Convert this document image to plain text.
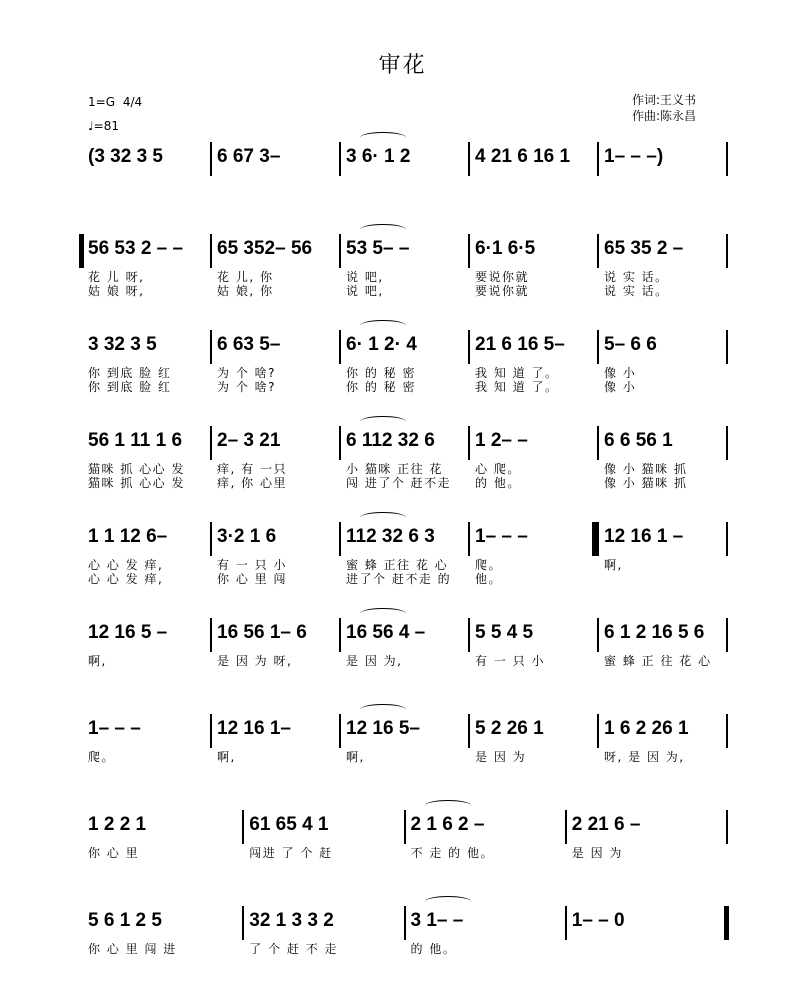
审花
1=G 4/4
♩=81
作词:王义书
作曲:陈永昌
(3 32 3 5	6 67 3–	3 6· 1 2	4 21 6 16 1	1– – –)
56 53 2 – –	65 352– 56	53 5– –	6·1 6·5	65 35 2 –
花 儿 呀,	花 儿, 你	说 吧,	要说你就	说 实 话。
姑 娘 呀,	姑 娘, 你	说 吧,	要说你就	说 实 话。
3 32 3 5	6 63 5–	6· 1 2· 4	21 6 16 5–	5– 6 6
你 到底 脸 红	为 个 啥?	你 的 秘 密	我 知 道 了。	像 小
你 到底 脸 红	为 个 啥?	你 的 秘 密	我 知 道 了。	像 小
56 1 11 1 6	2– 3 21	6 112 32 6	1 2– –	6 6 56 1
猫咪 抓 心心 发	痒, 有 一只	小 猫咪 正往 花	心 爬。	像 小 猫咪 抓
猫咪 抓 心心 发	痒, 你 心里	闯 进了个 赶不走	的 他。	像 小 猫咪 抓
1 1 12 6–	3·2 1 6	112 32 6 3	1– – –	12 16 1 –
心 心 发 痒,	有 一 只 小	蜜 蜂 正往 花 心	爬。	啊,
心 心 发 痒,	你 心 里 闯	进了个 赶不走 的	他。
12 16 5 –	16 56 1– 6	16 56 4 –	5 5 4 5	6 1 2 16 5 6
啊,	是 因 为 呀,	是 因 为,	有 一 只 小	蜜 蜂 正 往 花 心
1– – –	12 16 1–	12 16 5–	5 2 26 1	1 6 2 26 1
爬。	啊,	啊,	是 因 为	呀, 是 因 为,
1 2 2 1	61 65 4 1	2 1 6 2 –	2 21 6 –
你 心 里	闯进 了 个 赶	不 走 的 他。	是 因 为
5 6 1 2 5	32 1 3 3 2	3 1– –	1– – 0
你 心 里 闯 进	了 个 赶 不 走	的 他。
